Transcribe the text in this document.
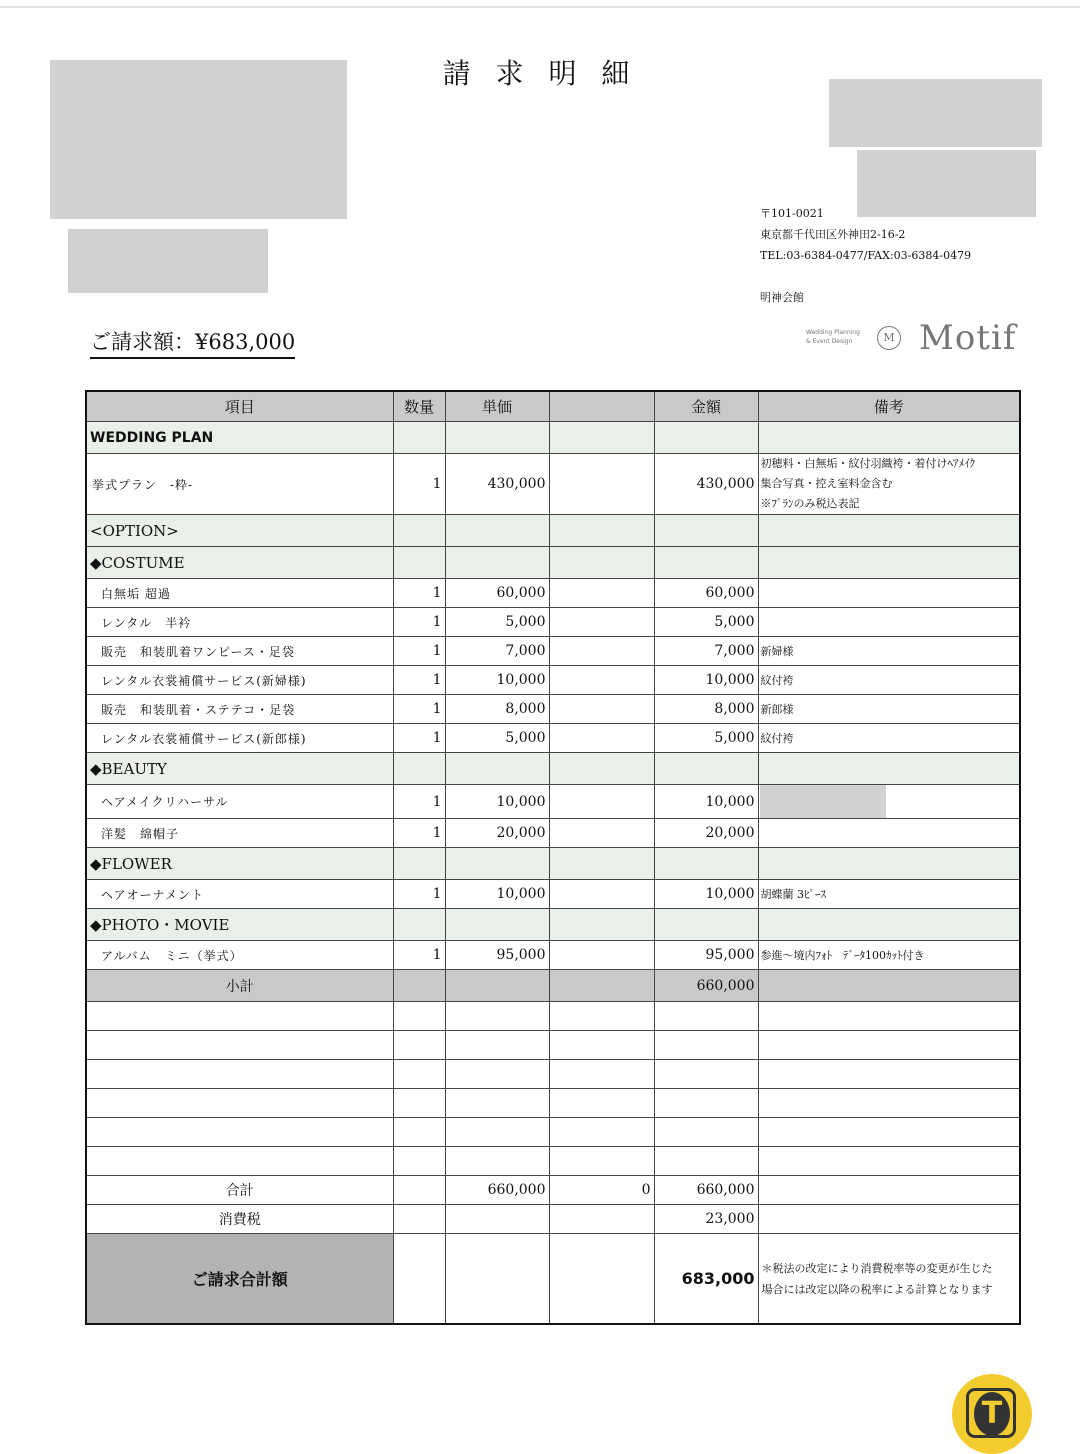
請 求 明 細
〒101-0021
東京都千代田区外神田2-16-2
TEL:03-6384-0477/FAX:03-6384-0479
明神会館
Wedding Planning
& Event Design	M Motif
ご請求額：¥683,000
項目	数量	単価		金額	備考
WEDDING PLAN					
挙式プラン　-粋-	1	430,000		430,000	初穂料・白無垢・紋付羽織袴・着付けﾍｱﾒｲｸ
集合写真・控え室料金含む
※ﾌﾟﾗﾝのみ税込表記

<OPTION>					
◆COSTUME					
白無垢 超過	1	60,000		60,000	
レンタル　半衿	1	5,000		5,000	
販売　和装肌着ワンピース・足袋	1	7,000		7,000	新婦様
レンタル衣裳補償サービス(新婦様)	1	10,000		10,000	紋付袴
販売　和装肌着・ステテコ・足袋	1	8,000		8,000	新郎様
レンタル衣裳補償サービス(新郎様)	1	5,000		5,000	紋付袴
◆BEAUTY					
ヘアメイクリハーサル	1	10,000		10,000	
洋髪　綿帽子	1	20,000		20,000	
◆FLOWER					
ヘアオーナメント	1	10,000		10,000	胡蝶蘭 3ﾋﾟｰｽ
◆PHOTO・MOVIE					
アルバム　ミニ（挙式）	1	95,000		95,000	参進～境内ﾌｫﾄ　ﾃﾞｰﾀ100ｶｯﾄ付き
小計				660,000	

合計		660,000	0	660,000	
消費税				23,000	
ご請求合計額				683,000	＊税法の改定により消費税率等の変更が生じた
場合には改定以降の税率による計算となります
T
